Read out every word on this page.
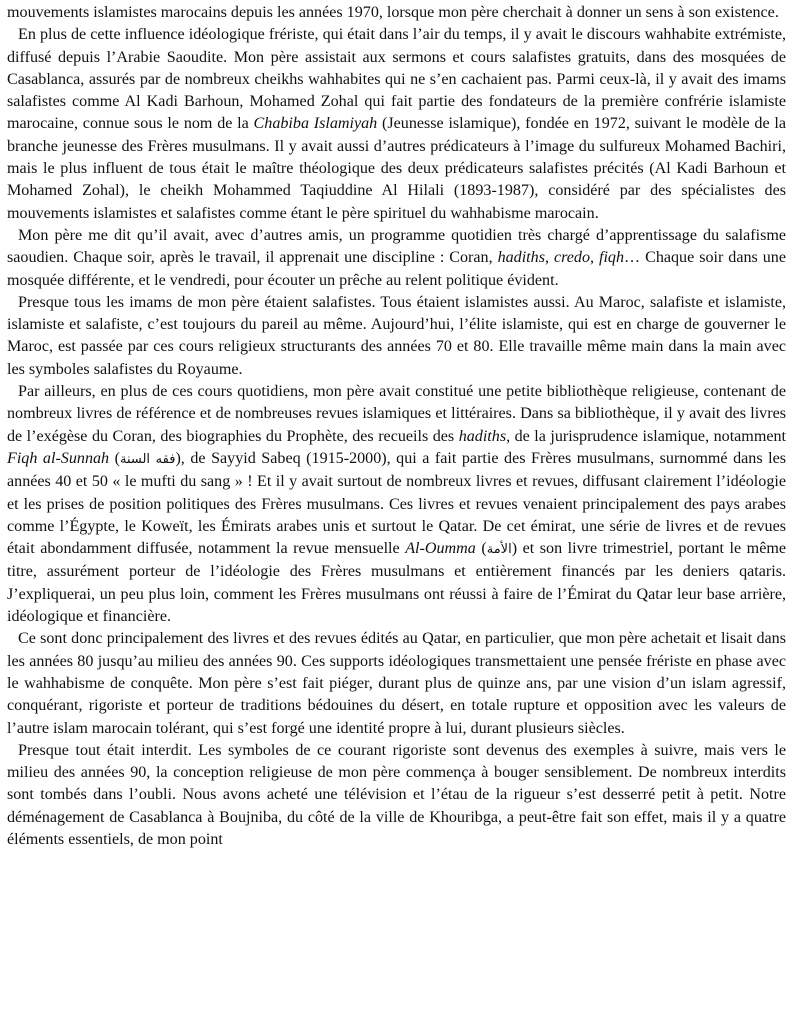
mouvements islamistes marocains depuis les années 1970, lorsque mon père cherchait à donner un sens à son existence.

En plus de cette influence idéologique fréristе, qui était dans l’air du temps, il y avait le discours wahhabite extrémiste, diffusé depuis l’Arabie Saoudite. Mon père assistait aux sermons et cours salafistes gratuits, dans des mosquées de Casablanca, assurés par de nombreux cheikhs wahhabites qui ne s’en cachaient pas. Parmi ceux-là, il y avait des imams salafistes comme Al Kadi Barhoun, Mohamed Zohal qui fait partie des fondateurs de la première confrérie islamiste marocaine, connue sous le nom de la Chabiba Islamiyah (Jeunesse islamique), fondée en 1972, suivant le modèle de la branche jeunesse des Frères musulmans. Il y avait aussi d’autres prédicateurs à l’image du sulfureux Mohamed Bachiri, mais le plus influent de tous était le maître théologique des deux prédicateurs salafistes précités (Al Kadi Barhoun et Mohamed Zohal), le cheikh Mohammed Taqiuddine Al Hilali (1893-1987), considéré par des spécialistes des mouvements islamistes et salafistes comme étant le père spirituel du wahhabisme marocain.

Mon père me dit qu’il avait, avec d’autres amis, un programme quotidien très chargé d’apprentissage du salafisme saoudien. Chaque soir, après le travail, il apprenait une discipline : Coran, hadiths, credo, fiqh… Chaque soir dans une mosquée différente, et le vendredi, pour écouter un prêche au relent politique évident.

Presque tous les imams de mon père étaient salafistes. Tous étaient islamistes aussi. Au Maroc, salafiste et islamiste, islamiste et salafiste, c’est toujours du pareil au même. Aujourd’hui, l’élite islamiste, qui est en charge de gouverner le Maroc, est passée par ces cours religieux structurants des années 70 et 80. Elle travaille même main dans la main avec les symboles salafistes du Royaume.

Par ailleurs, en plus de ces cours quotidiens, mon père avait constitué une petite bibliothèque religieuse, contenant de nombreux livres de référence et de nombreuses revues islamiques et littéraires. Dans sa bibliothèque, il y avait des livres de l’exégèse du Coran, des biographies du Prophète, des recueils des hadiths, de la jurisprudence islamique, notamment Fiqh al-Sunnah (فقه السنة), de Sayyid Sabeq (1915-2000), qui a fait partie des Frères musulmans, surnommé dans les années 40 et 50 « le mufti du sang » ! Et il y avait surtout de nombreux livres et revues, diffusant clairement l’idéologie et les prises de position politiques des Frères musulmans. Ces livres et revues venaient principalement des pays arabes comme l’Égypte, le Koweït, les Émirats arabes unis et surtout le Qatar. De cet émirat, une série de livres et de revues était abondamment diffusée, notamment la revue mensuelle Al-Oumma (الأمة) et son livre trimestriel, portant le même titre, assurément porteur de l’idéologie des Frères musulmans et entièrement financés par les deniers qataris. J’expliquerai, un peu plus loin, comment les Frères musulmans ont réussi à faire de l’Émirat du Qatar leur base arrière, idéologique et financière.

Ce sont donc principalement des livres et des revues édités au Qatar, en particulier, que mon père achetait et lisait dans les années 80 jusqu’au milieu des années 90. Ces supports idéologiques transmettaient une pensée fréristе en phase avec le wahhabisme de conquête. Mon père s’est fait piéger, durant plus de quinze ans, par une vision d’un islam agressif, conquérant, rigoriste et porteur de traditions bédouines du désert, en totale rupture et opposition avec les valeurs de l’autre islam marocain tolérant, qui s’est forgé une identité propre à lui, durant plusieurs siècles.

Presque tout était interdit. Les symboles de ce courant rigoriste sont devenus des exemples à suivre, mais vers le milieu des années 90, la conception religieuse de mon père commença à bouger sensiblement. De nombreux interdits sont tombés dans l’oubli. Nous avons acheté une télévision et l’étau de la rigueur s’est desserré petit à petit. Notre déménagement de Casablanca à Boujniba, du côté de la ville de Khouribga, a peut-être fait son effet, mais il y a quatre éléments essentiels, de mon point
